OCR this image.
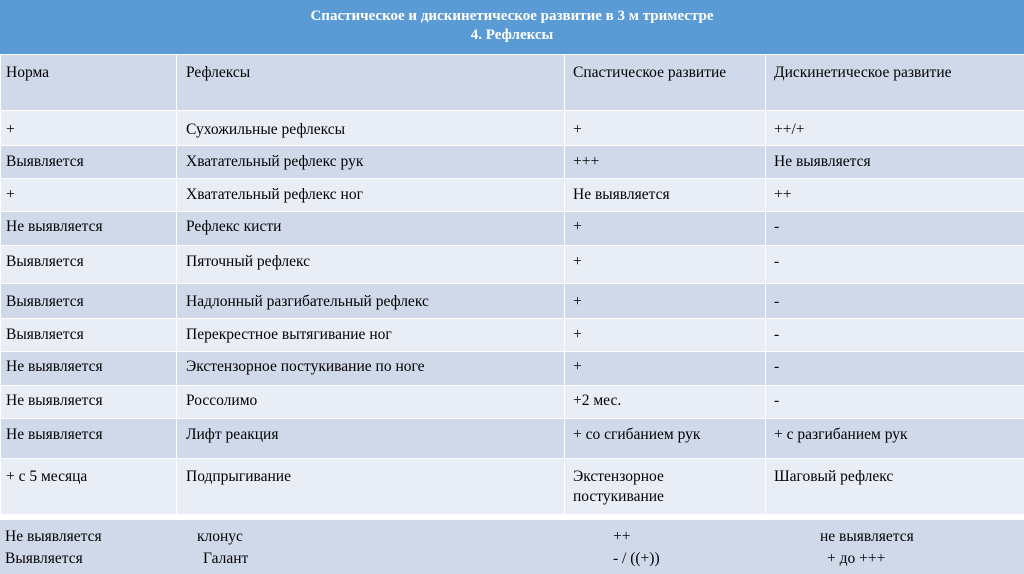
Спастическое и дискинетическое развитие в 3 м триместре
4. Рефлексы
Норма	Рефлексы	Спастическое развитие	Дискинетическое развитие
+	Сухожильные рефлексы	+	++/+
Выявляется	Хватательный рефлекс рук	+++	Не выявляется
+	Хватательный рефлекс ног	Не выявляется	++
Не выявляется	Рефлекс кисти	+	-
Выявляется	Пяточный рефлекс	+	-
Выявляется	Надлонный разгибательный рефлекс	+	-
Выявляется	Перекрестное вытягивание ног	+	-
Не выявляется	Экстензорное постукивание по ноге	+	-
Не выявляется	Россолимо	+2 мес.	-
Не выявляется	Лифт реакция	+ со сгибанием рук	+ с разгибанием рук
+ с 5 месяца	Подпрыгивание	Экстензорное постукивание	Шаговый рефлекс
Не выявляется	клонус	++	не выявляется
Выявляется	Галант	- / ((+))	+ до +++
